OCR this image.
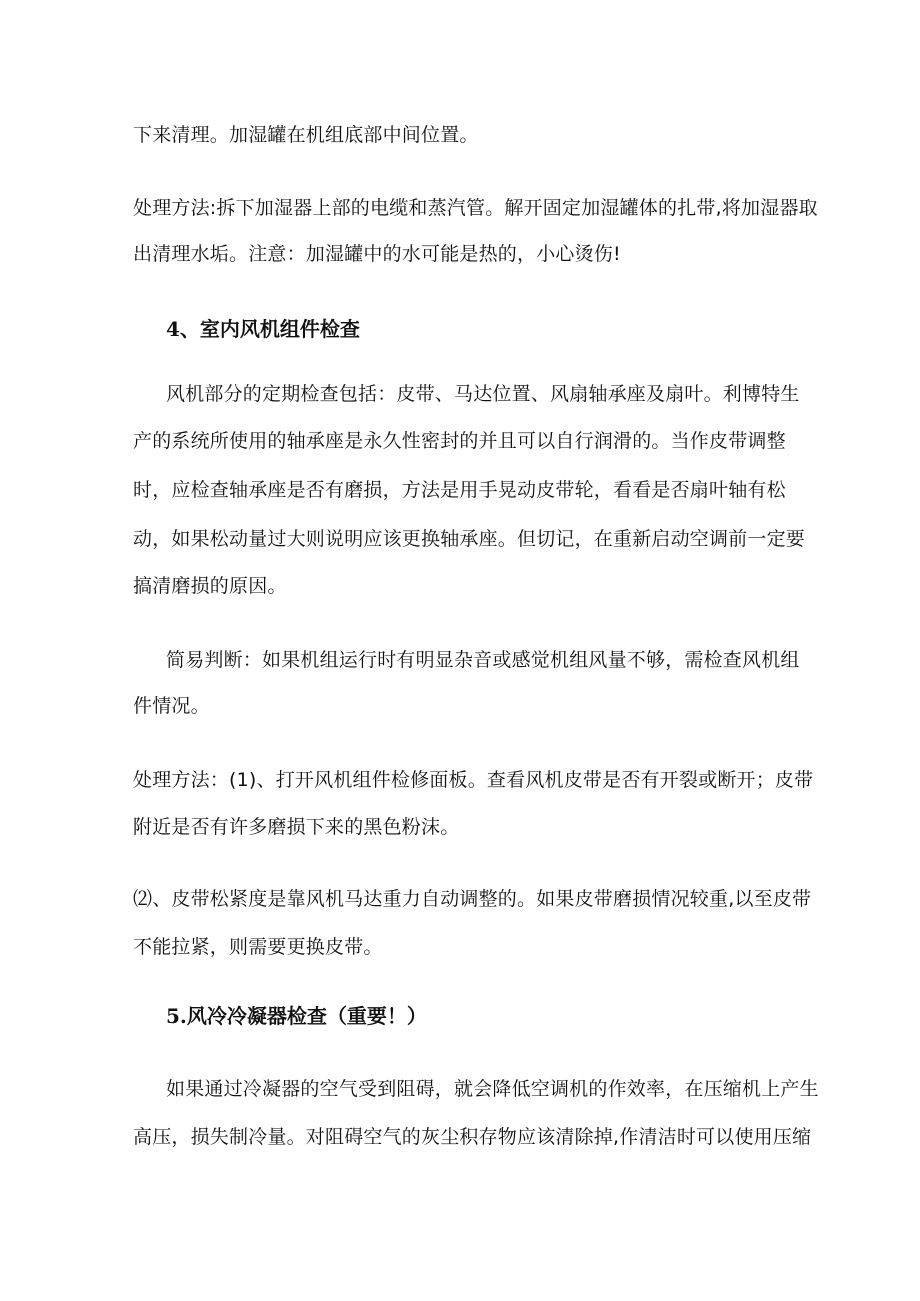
下来清理。加湿罐在机组底部中间位置。
处理方法:拆下加湿器上部的电缆和蒸汽管。解开固定加湿罐体的扎带,将加湿器取
出清理水垢。注意：加湿罐中的水可能是热的，小心烫伤!
4、室内风机组件检查
风机部分的定期检查包括：皮带、马达位置、风扇轴承座及扇叶。利博特生
产的系统所使用的轴承座是永久性密封的并且可以自行润滑的。当作皮带调整
时，应检查轴承座是否有磨损，方法是用手晃动皮带轮，看看是否扇叶轴有松
动，如果松动量过大则说明应该更换轴承座。但切记，在重新启动空调前一定要
搞清磨损的原因。
简易判断：如果机组运行时有明显杂音或感觉机组风量不够，需检查风机组
件情况。
处理方法：(1)、打开风机组件检修面板。查看风机皮带是否有开裂或断开；皮带
附近是否有许多磨损下来的黑色粉沫。
⑵、皮带松紧度是靠风机马达重力自动调整的。如果皮带磨损情况较重,以至皮带
不能拉紧，则需要更换皮带。
5.风冷冷凝器检查（重要！）
如果通过冷凝器的空气受到阻碍，就会降低空调机的作效率，在压缩机上产生
高压，损失制冷量。对阻碍空气的灰尘积存物应该清除掉,作清洁时可以使用压缩
